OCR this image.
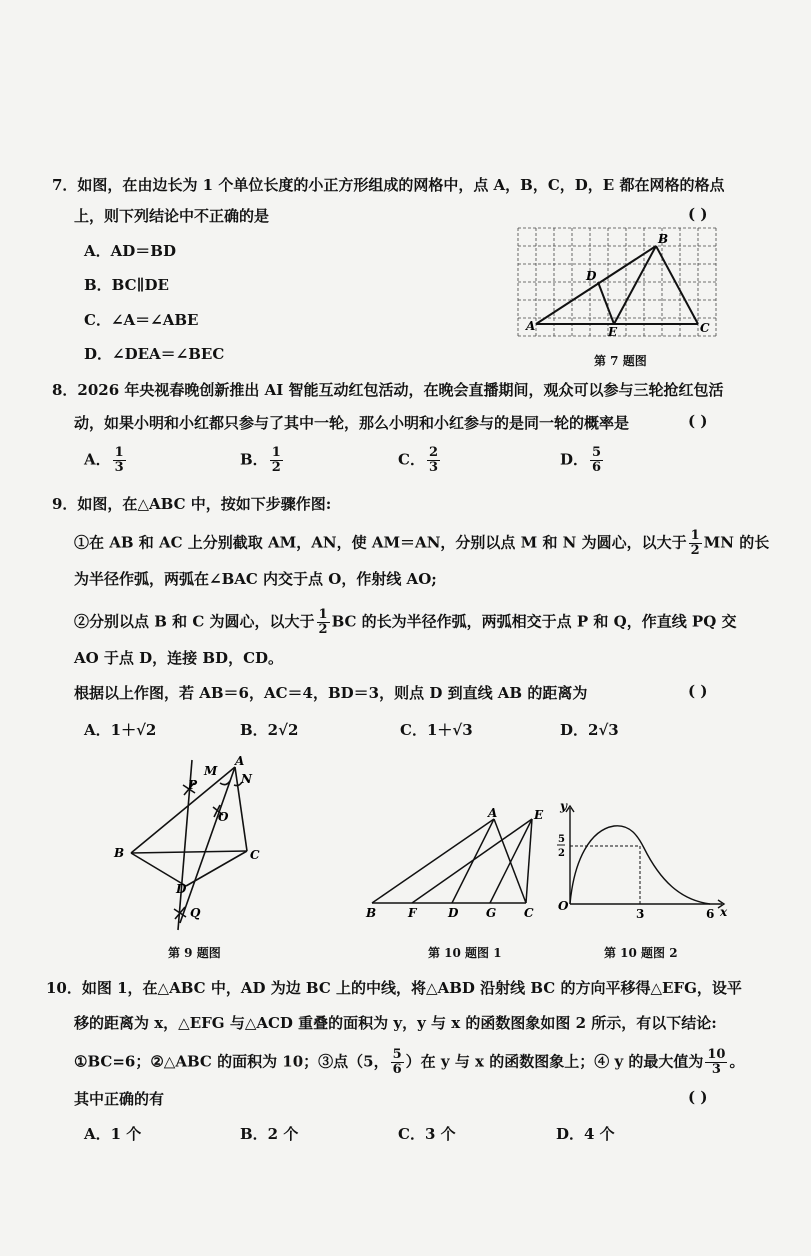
7．如图，在由边长为 1 个单位长度的小正方形组成的网格中，点 A，B，C，D，E 都在网格的格点
上，则下列结论中不正确的是	( )
A．AD＝BD
B．BC∥DE
C．∠A＝∠ABE
D．∠DEA＝∠BEC
A
B
C
D
E
第 7 题图
8．2026 年央视春晚创新推出 AI 智能互动红包活动，在晚会直播期间，观众可以参与三轮抢红包活
动，如果小明和小红都只参与了其中一轮，那么小明和小红参与的是同一轮的概率是	( )
A． $\frac{1}{3}$	B． $\frac{1}{2}$	C． $\frac{2}{3}$	D． $\frac{5}{6}$
9．如图，在△ABC 中，按如下步骤作图:
①在 AB 和 AC 上分别截取 AM，AN，使 AM＝AN，分别以点 M 和 N 为圆心，以大于 $\frac{1}{2}$ MN 的长
为半径作弧，两弧在∠BAC 内交于点 O，作射线 AO;
②分别以点 B 和 C 为圆心，以大于 $\frac{1}{2}$ BC 的长为半径作弧，两弧相交于点 P 和 Q，作直线 PQ 交
AO 于点 D，连接 BD，CD。
根据以上作图，若 AB＝6，AC＝4，BD＝3，则点 D 到直线 AB 的距离为	( )
A．1＋√2	B．2√2	C．1＋√3	D．2√3
A
M
N
P
O
B	C
D
Q
第 9 题图
A	E
B	F	D G C
第 10 题图 1
y
x
O
3	6
5
2
第 10 题图 2
10．如图 1，在△ABC 中，AD 为边 BC 上的中线，将△ABD 沿射线 BC 的方向平移得△EFG，设平
移的距离为 x，△EFG 与△ACD 重叠的面积为 y，y 与 x 的函数图象如图 2 所示，有以下结论:
①BC=6；②△ABC 的面积为 10；③点（5， $\frac{5}{6}$ ）在 y 与 x 的函数图象上；④ y 的最大值为 $\frac{10}{3}$ 。
其中正确的有	( )
A．1 个	B．2 个	C．3 个	D．4 个
